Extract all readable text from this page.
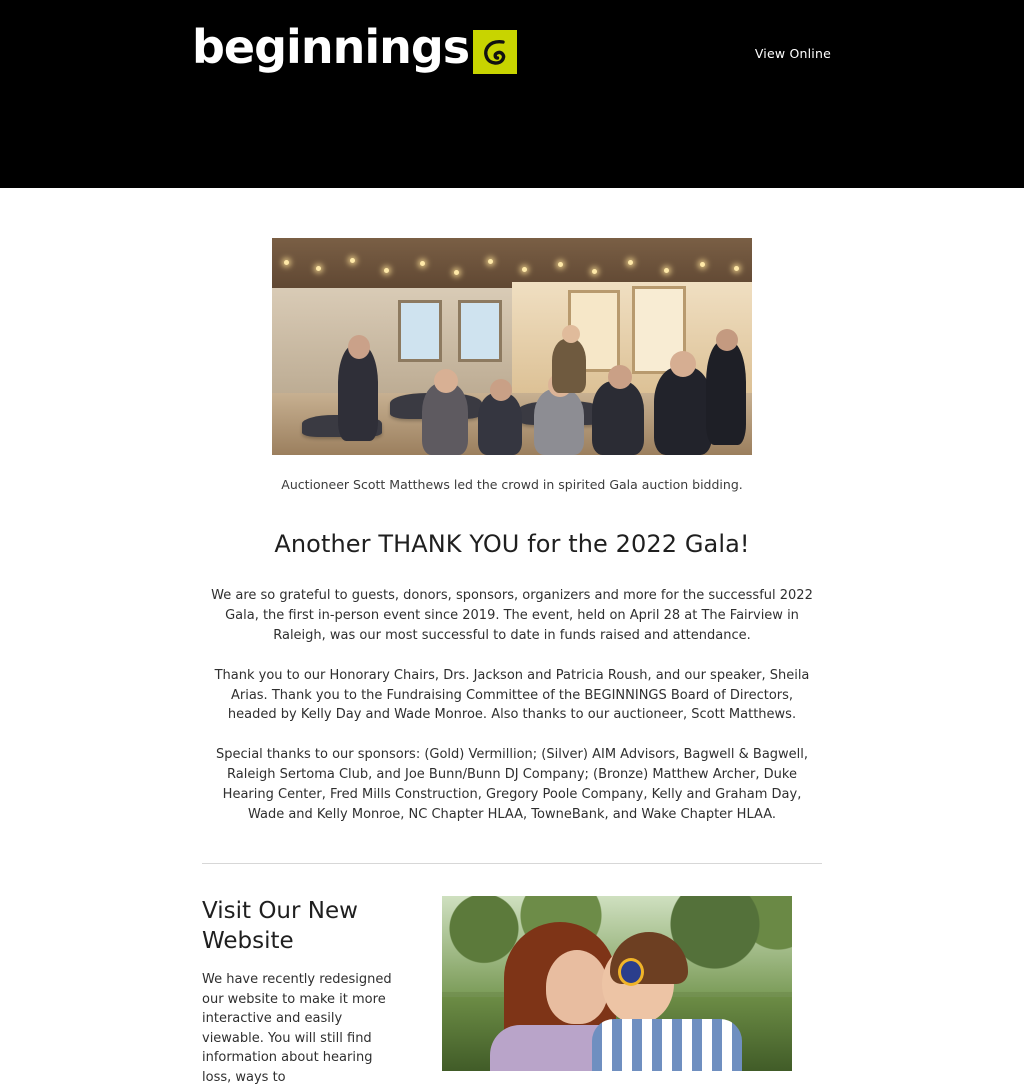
beginnings	View Online
Auctioneer Scott Matthews led the crowd in spirited Gala auction bidding.
Another THANK YOU for the 2022 Gala!

We are so grateful to guests, donors, sponsors, organizers and more for the successful 2022 Gala, the first in-person event since 2019. The event, held on April 28 at The Fairview in Raleigh, was our most successful to date in funds raised and attendance.

Thank you to our Honorary Chairs, Drs. Jackson and Patricia Roush, and our speaker, Sheila Arias. Thank you to the Fundraising Committee of the BEGINNINGS Board of Directors, headed by Kelly Day and Wade Monroe. Also thanks to our auctioneer, Scott Matthews.

Special thanks to our sponsors: (Gold) Vermillion; (Silver) AIM Advisors, Bagwell & Bagwell, Raleigh Sertoma Club, and Joe Bunn/Bunn DJ Company; (Bronze) Matthew Archer, Duke Hearing Center, Fred Mills Construction, Gregory Poole Company, Kelly and Graham Day, Wade and Kelly Monroe, NC Chapter HLAA, TowneBank, and Wake Chapter HLAA.

Visit Our New Website

We have recently redesigned our website to make it more interactive and easily viewable. You will still find information about hearing loss, ways to
